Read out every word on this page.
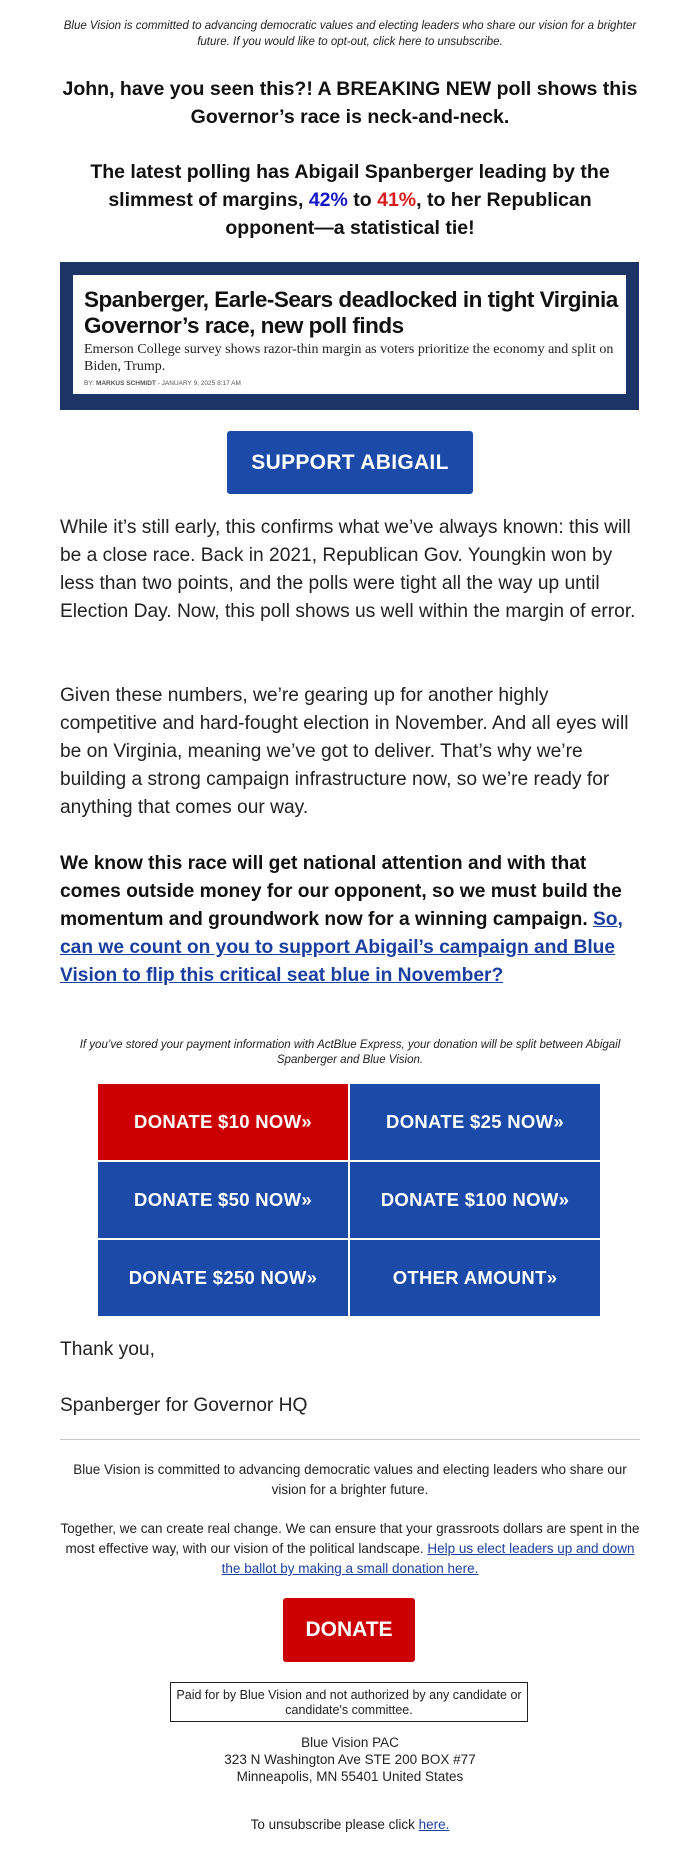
Blue Vision is committed to advancing democratic values and electing leaders who share our vision for a brighter future. If you would like to opt-out, click here to unsubscribe.
John, have you seen this?! A BREAKING NEW poll shows this Governor’s race is neck-and-neck.
The latest polling has Abigail Spanberger leading by the slimmest of margins, 42% to 41%, to her Republican opponent—a statistical tie!
Spanberger, Earle-Sears deadlocked in tight Virginia Governor’s race, new poll finds
Emerson College survey shows razor-thin margin as voters prioritize the economy and split on Biden, Trump.
BY: MARKUS SCHMIDT - JANUARY 9, 2025 8:17 AM
SUPPORT ABIGAIL
While it’s still early, this confirms what we’ve always known: this will be a close race. Back in 2021, Republican Gov. Youngkin won by less than two points, and the polls were tight all the way up until Election Day. Now, this poll shows us well within the margin of error.
Given these numbers, we’re gearing up for another highly competitive and hard-fought election in November. And all eyes will be on Virginia, meaning we’ve got to deliver. That’s why we’re building a strong campaign infrastructure now, so we’re ready for anything that comes our way.
We know this race will get national attention and with that comes outside money for our opponent, so we must build the momentum and groundwork now for a winning campaign. So, can we count on you to support Abigail’s campaign and Blue Vision to flip this critical seat blue in November?
If you’ve stored your payment information with ActBlue Express, your donation will be split between Abigail Spanberger and Blue Vision.
DONATE $10 NOW»	DONATE $25 NOW»
DONATE $50 NOW»	DONATE $100 NOW»
DONATE $250 NOW»	OTHER AMOUNT»
Thank you,
Spanberger for Governor HQ
Blue Vision is committed to advancing democratic values and electing leaders who share our vision for a brighter future.
Together, we can create real change. We can ensure that your grassroots dollars are spent in the most effective way, with our vision of the political landscape. Help us elect leaders up and down the ballot by making a small donation here.
DONATE
Paid for by Blue Vision and not authorized by any candidate or candidate's committee.
Blue Vision PAC
323 N Washington Ave STE 200 BOX #77
Minneapolis, MN 55401 United States
To unsubscribe please click here.
